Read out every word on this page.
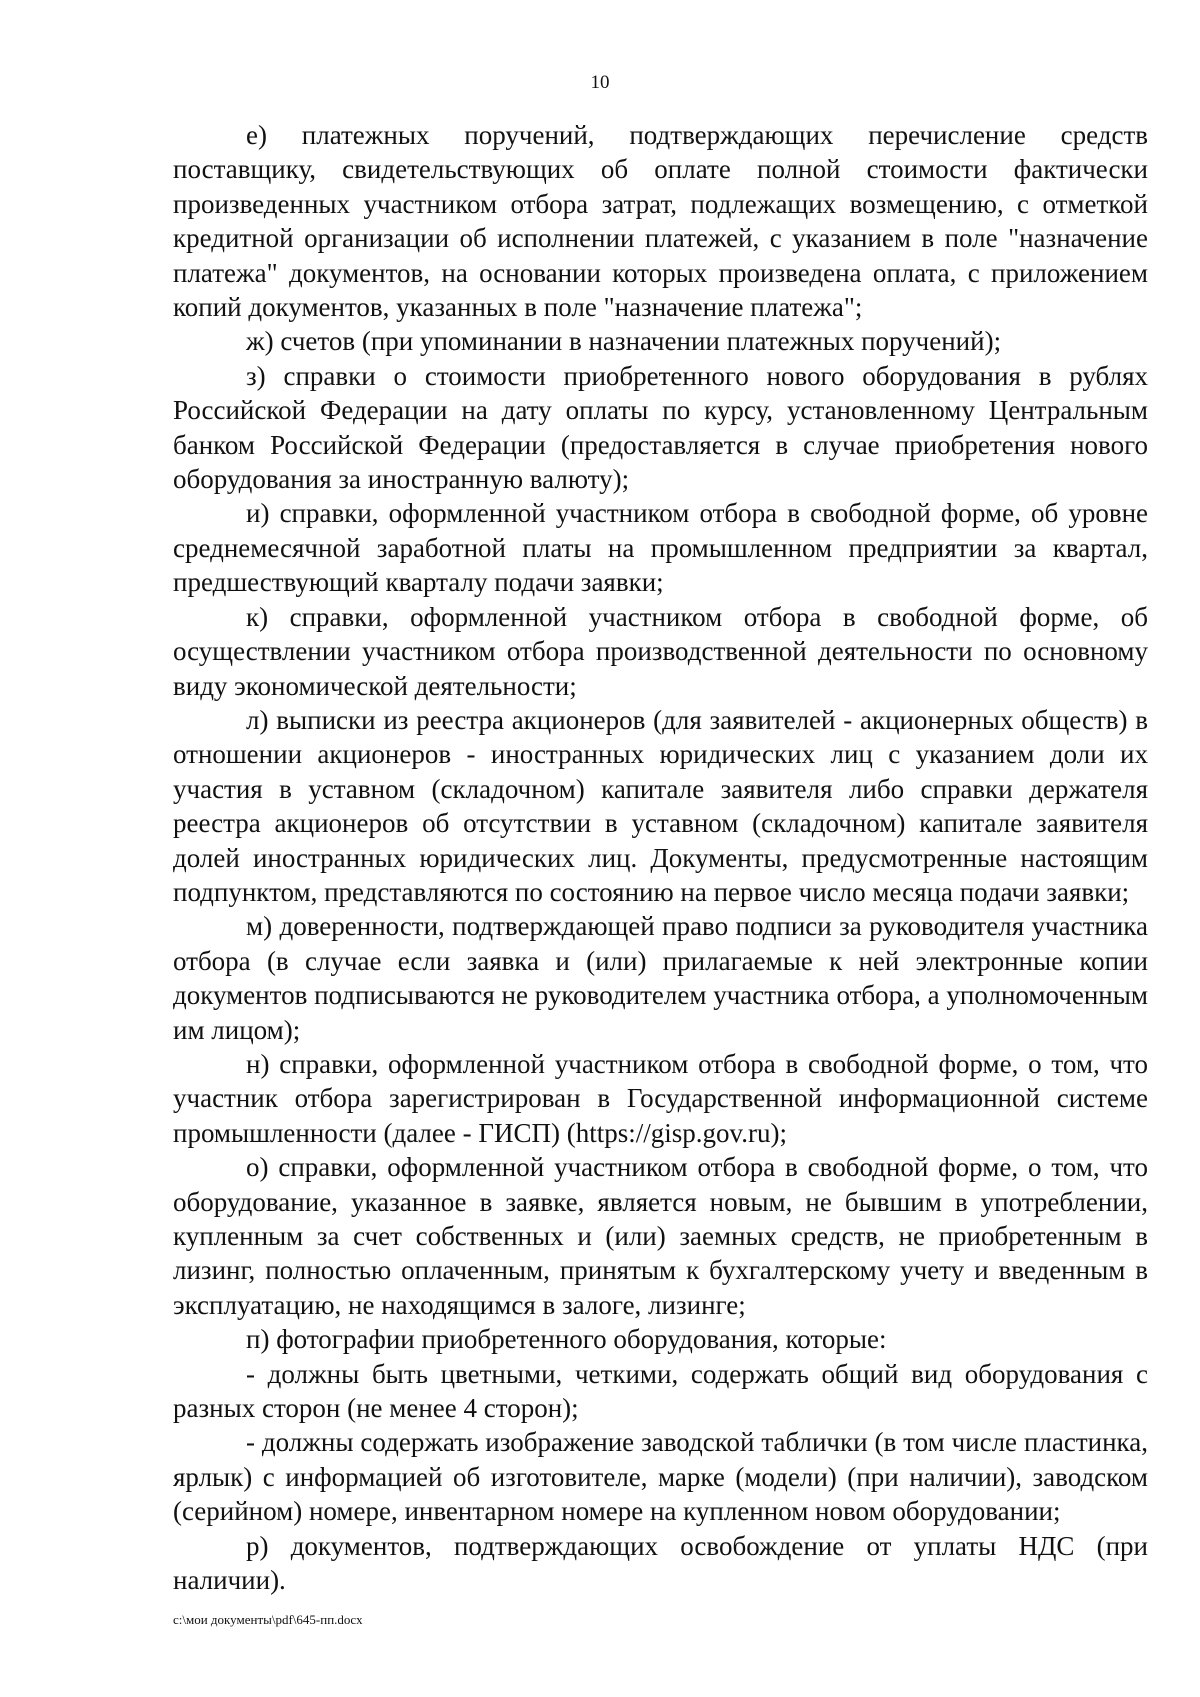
10

е) платежных поручений, подтверждающих перечисление средств поставщику, свидетельствующих об оплате полной стоимости фактически произведенных участником отбора затрат, подлежащих возмещению, с отметкой кредитной организации об исполнении платежей, с указанием в поле "назначение платежа" документов, на основании которых произведена оплата, с приложением копий документов, указанных в поле "назначение платежа";

ж) счетов (при упоминании в назначении платежных поручений);

з) справки о стоимости приобретенного нового оборудования в рублях Российской Федерации на дату оплаты по курсу, установленному Центральным банком Российской Федерации (предоставляется в случае приобретения нового оборудования за иностранную валюту);

и) справки, оформленной участником отбора в свободной форме, об уровне среднемесячной заработной платы на промышленном предприятии за квартал, предшествующий кварталу подачи заявки;

к) справки, оформленной участником отбора в свободной форме, об осуществлении участником отбора производственной деятельности по основному виду экономической деятельности;

л) выписки из реестра акционеров (для заявителей - акционерных обществ) в отношении акционеров - иностранных юридических лиц с указанием доли их участия в уставном (складочном) капитале заявителя либо справки держателя реестра акционеров об отсутствии в уставном (складочном) капитале заявителя долей иностранных юридических лиц. Документы, предусмотренные настоящим подпунктом, представляются по состоянию на первое число месяца подачи заявки;

м) доверенности, подтверждающей право подписи за руководителя участника отбора (в случае если заявка и (или) прилагаемые к ней электронные копии документов подписываются не руководителем участника отбора, а уполномоченным им лицом);

н) справки, оформленной участником отбора в свободной форме, о том, что участник отбора зарегистрирован в Государственной информационной системе промышленности (далее - ГИСП) (https://gisp.gov.ru);

о) справки, оформленной участником отбора в свободной форме, о том, что оборудование, указанное в заявке, является новым, не бывшим в употреблении, купленным за счет собственных и (или) заемных средств, не приобретенным в лизинг, полностью оплаченным, принятым к бухгалтерскому учету и введенным в эксплуатацию, не находящимся в залоге, лизинге;

п) фотографии приобретенного оборудования, которые:

- должны быть цветными, четкими, содержать общий вид оборудования с разных сторон (не менее 4 сторон);

- должны содержать изображение заводской таблички (в том числе пластинка, ярлык) с информацией об изготовителе, марке (модели) (при наличии), заводском (серийном) номере, инвентарном номере на купленном новом оборудовании;

р) документов, подтверждающих освобождение от уплаты НДС (при наличии).

c:\мои документы\pdf\645-пп.docx
